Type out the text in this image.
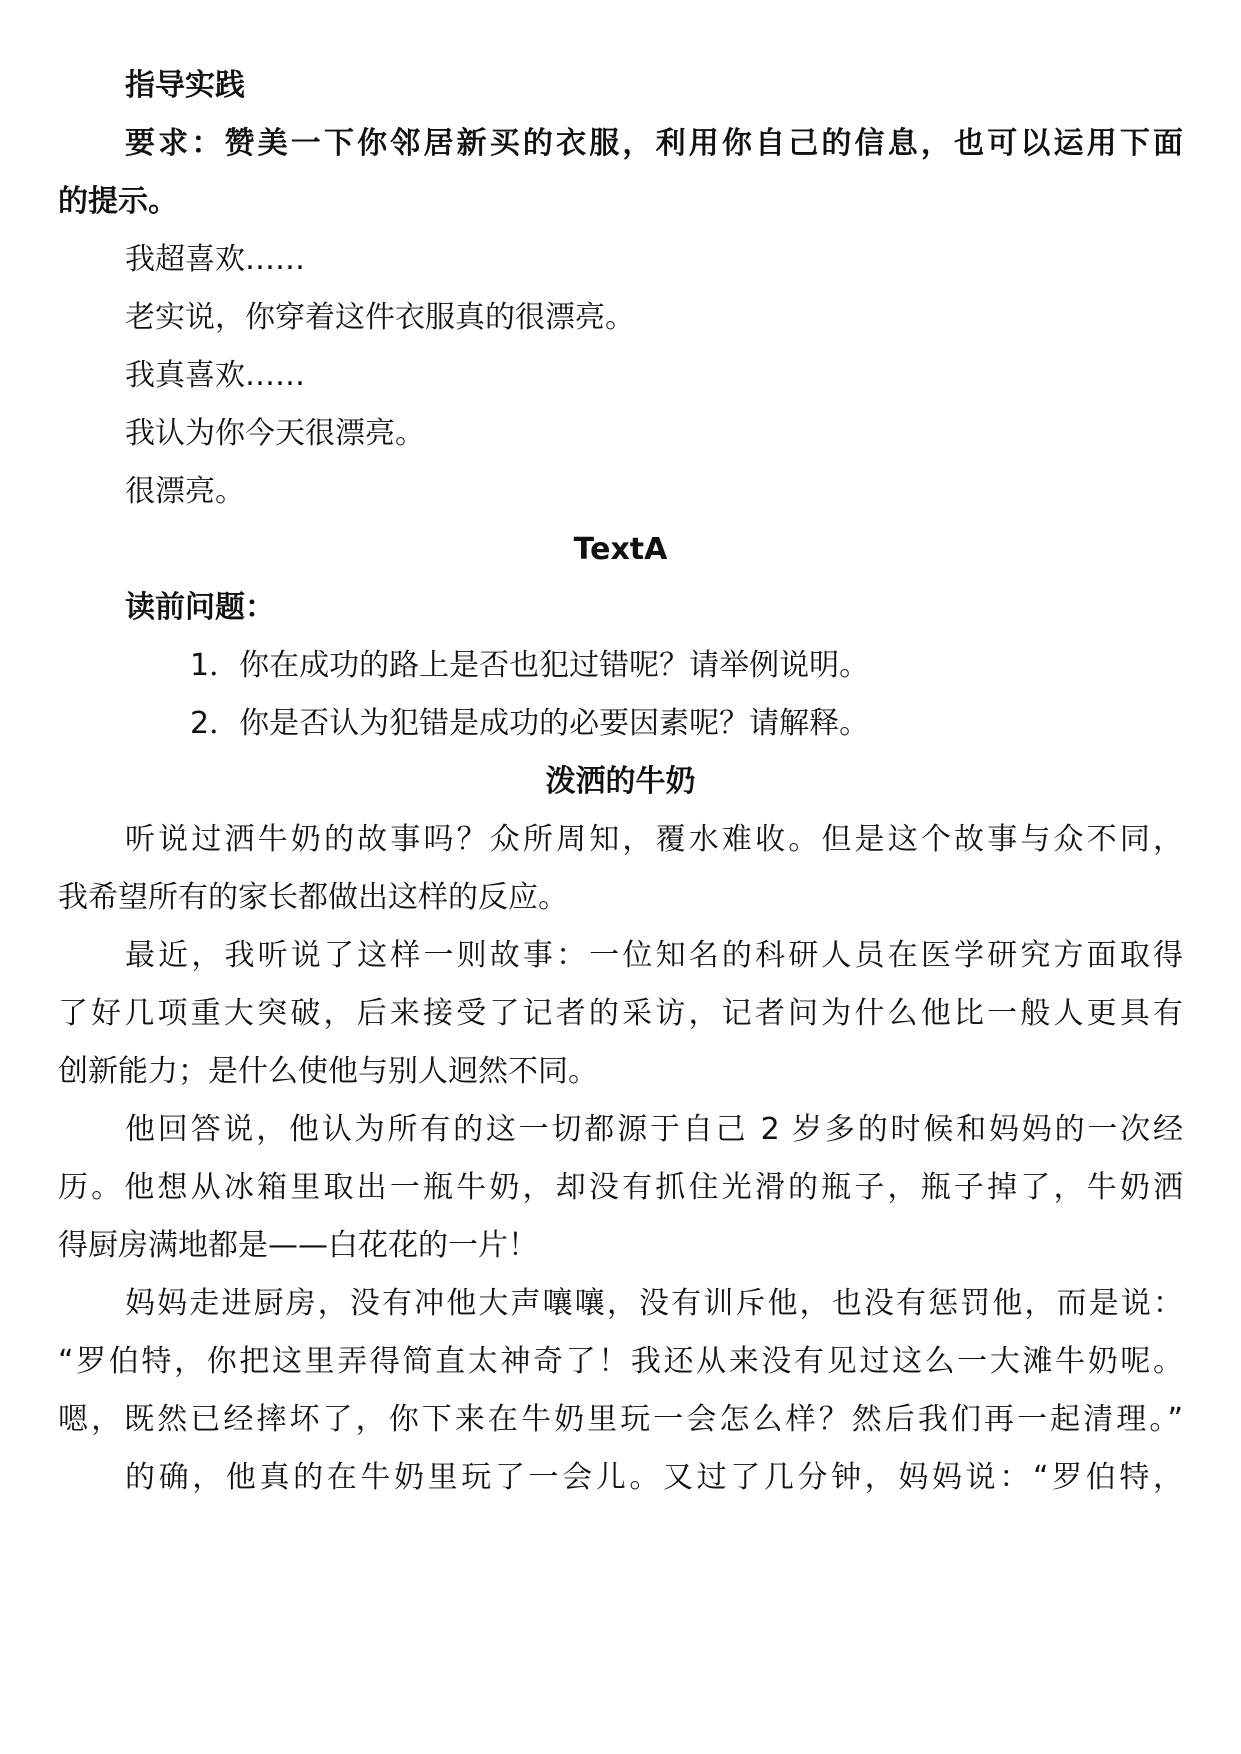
指导实践
要求：赞美一下你邻居新买的衣服，利用你自己的信息，也可以运用下面
的提示。
我超喜欢……
老实说，你穿着这件衣服真的很漂亮。
我真喜欢……
我认为你今天很漂亮。
很漂亮。
TextA
读前问题：
1．你在成功的路上是否也犯过错呢？请举例说明。
2．你是否认为犯错是成功的必要因素呢？请解释。
泼洒的牛奶
听说过洒牛奶的故事吗？众所周知，覆水难收。但是这个故事与众不同，
我希望所有的家长都做出这样的反应。
最近，我听说了这样一则故事：一位知名的科研人员在医学研究方面取得
了好几项重大突破，后来接受了记者的采访，记者问为什么他比一般人更具有
创新能力；是什么使他与别人迥然不同。
他回答说，他认为所有的这一切都源于自己 2 岁多的时候和妈妈的一次经
历。他想从冰箱里取出一瓶牛奶，却没有抓住光滑的瓶子，瓶子掉了，牛奶洒
得厨房满地都是——白花花的一片！
妈妈走进厨房，没有冲他大声嚷嚷，没有训斥他，也没有惩罚他，而是说：
“罗伯特，你把这里弄得简直太神奇了！我还从来没有见过这么一大滩牛奶呢。
嗯，既然已经摔坏了，你下来在牛奶里玩一会怎么样？然后我们再一起清理。”
的确，他真的在牛奶里玩了一会儿。又过了几分钟，妈妈说：“罗伯特，
